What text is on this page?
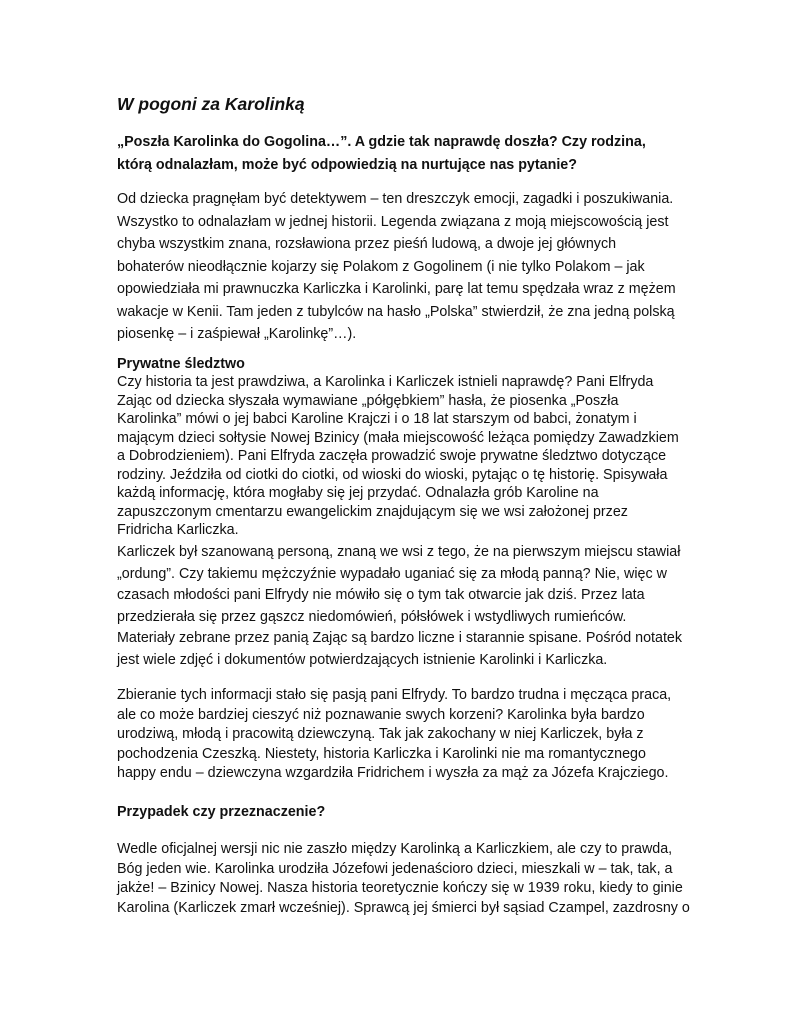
W pogoni za Karolinką

„Poszła Karolinka do Gogolina…”. A gdzie tak naprawdę doszła? Czy rodzina, którą odnalazłam, może być odpowiedzią na nurtujące nas pytanie?

Od dziecka pragnęłam być detektywem – ten dreszczyk emocji, zagadki i poszukiwania.
Wszystko to odnalazłam w jednej historii. Legenda związana z moją miejscowością jest
chyba wszystkim znana, rozsławiona przez pieśń ludową, a dwoje jej głównych
bohaterów nieodłącznie kojarzy się Polakom z Gogolinem (i nie tylko Polakom – jak
opowiedziała mi prawnuczka Karliczka i Karolinki, parę lat temu spędzała wraz z mężem
wakacje w Kenii. Tam jeden z tubylców na hasło „Polska” stwierdził, że zna jedną polską
piosenkę – i zaśpiewał „Karolinkę”…).
Prywatne śledztwo
Czy historia ta jest prawdziwa, a Karolinka i Karliczek istnieli naprawdę? Pani Elfryda
Zając od dziecka słyszała wymawiane „półgębkiem” hasła, że piosenka „Poszła
Karolinka” mówi o jej babci Karoline Krajczi i o 18 lat starszym od babci, żonatym i
mającym dzieci sołtysie Nowej Bzinicy (mała miejscowość leżąca pomiędzy Zawadzkiem
a Dobrodzieniem). Pani Elfryda zaczęła prowadzić swoje prywatne śledztwo dotyczące
rodziny. Jeździła od ciotki do ciotki, od wioski do wioski, pytając o tę historię. Spisywała
każdą informację, która mogłaby się jej przydać. Odnalazła grób Karoline na
zapuszczonym cmentarzu ewangelickim znajdującym się we wsi założonej przez
Fridricha Karliczka.
Karliczek był szanowaną personą, znaną we wsi z tego, że na pierwszym miejscu stawiał
„ordung”. Czy takiemu mężczyźnie wypadało uganiać się za młodą panną? Nie, więc w
czasach młodości pani Elfrydy nie mówiło się o tym tak otwarcie jak dziś. Przez lata
przedzierała się przez gąszcz niedomówień, półsłówek i wstydliwych rumieńców.
Materiały zebrane przez panią Zając są bardzo liczne i starannie spisane. Pośród notatek
jest wiele zdjęć i dokumentów potwierdzających istnienie Karolinki i Karliczka.
Zbieranie tych informacji stało się pasją pani Elfrydy. To bardzo trudna i męcząca praca,
ale co może bardziej cieszyć niż poznawanie swych korzeni? Karolinka była bardzo
urodziwą, młodą i pracowitą dziewczyną. Tak jak zakochany w niej Karliczek, była z
pochodzenia Czeszką. Niestety, historia Karliczka i Karolinki nie ma romantycznego
happy endu – dziewczyna wzgardziła Fridrichem i wyszła za mąż za Józefa Krajcziego.
Przypadek czy przeznaczenie?
Wedle oficjalnej wersji nic nie zaszło między Karolinką a Karliczkiem, ale czy to prawda,
Bóg jeden wie. Karolinka urodziła Józefowi jedenaścioro dzieci, mieszkali w – tak, tak, a
jakże! – Bzinicy Nowej. Nasza historia teoretycznie kończy się w 1939 roku, kiedy to ginie
Karolina (Karliczek zmarł wcześniej). Sprawcą jej śmierci był sąsiad Czampel, zazdrosny o
